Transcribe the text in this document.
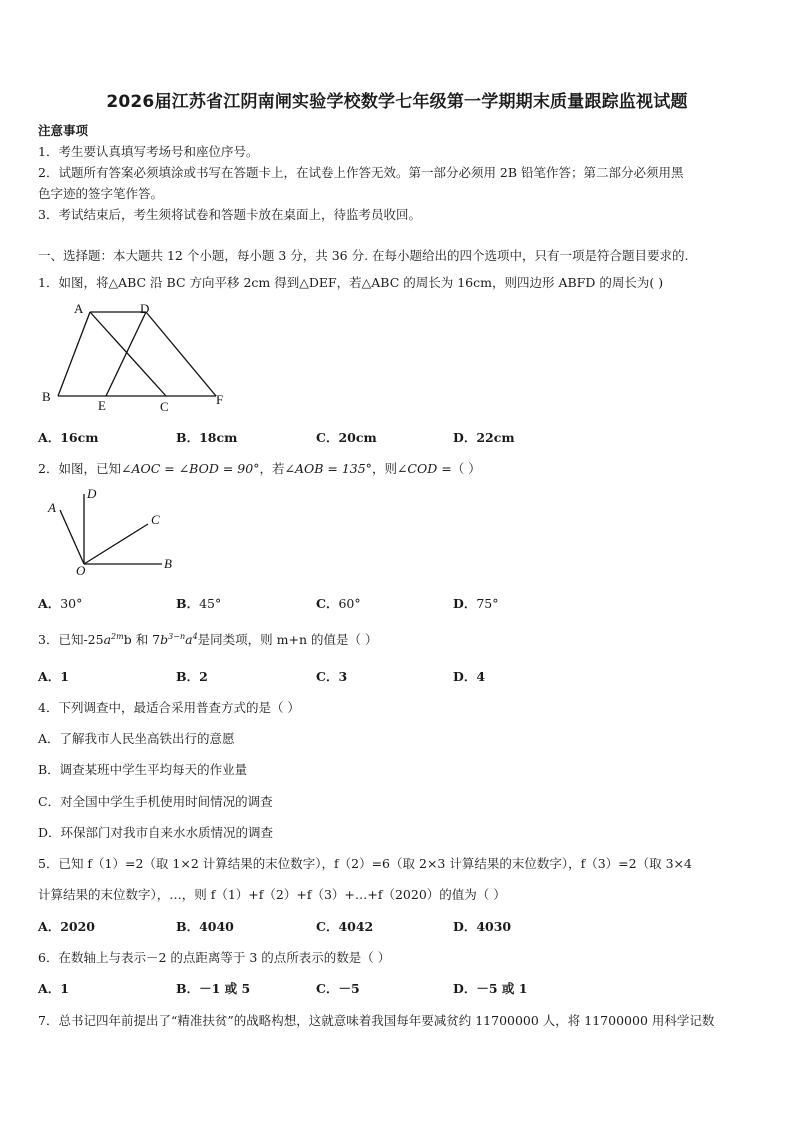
2026届江苏省江阴南闸实验学校数学七年级第一学期期末质量跟踪监视试题
注意事项
1．考生要认真填写考场号和座位序号。
2．试题所有答案必须填涂或书写在答题卡上，在试卷上作答无效。第一部分必须用 2B 铅笔作答；第二部分必须用黑
色字迹的签字笔作答。
3．考试结束后，考生须将试卷和答题卡放在桌面上，待监考员收回。
一、选择题：本大题共 12 个小题，每小题 3 分，共 36 分. 在每小题给出的四个选项中，只有一项是符合题目要求的.
1．如图，将△ABC 沿 BC 方向平移 2cm 得到△DEF，若△ABC 的周长为 16cm，则四边形 ABFD 的周长为( )
A	D
B
E	C	F
A．16cm	B．18cm	C．20cm	D．22cm
2．如图，已知∠AOC = ∠BOD = 90°，若∠AOB = 135°，则∠COD =（ ）
A
D
C
O	B
A．30°	B．45°	C．60°	D．75°
3．已知$-25a^{2m}b$ 和 $7b^{3-n}a^4$是同类项，则 m+n 的值是（ ）
A．1	B．2	C．3	D．4
4．下列调查中，最适合采用普查方式的是（ ）
A．了解我市人民坐高铁出行的意愿
B．调查某班中学生平均每天的作业量
C．对全国中学生手机使用时间情况的调查
D．环保部门对我市自来水水质情况的调查
5．已知 f（1）=2（取 1×2 计算结果的末位数字），f（2）=6（取 2×3 计算结果的末位数字），f（3）=2（取 3×4
计算结果的末位数字），…，则 f（1）+f（2）+f（3）+…+f（2020）的值为（ ）
A．2020	B．4040	C．4042	D．4030
6．在数轴上与表示－2 的点距离等于 3 的点所表示的数是（ ）
A．1	B．－1 或 5	C．－5	D．－5 或 1
7．总书记四年前提出了“精准扶贫”的战略构想，这就意味着我国每年要减贫约 11700000 人，将 11700000 用科学记数
